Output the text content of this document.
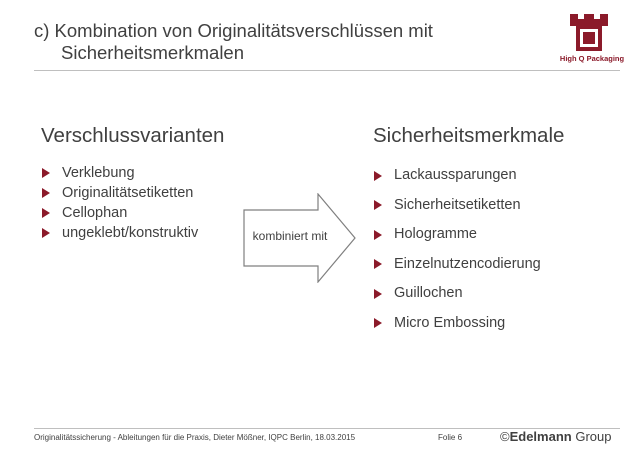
c) Kombination von Originalitätsverschlüssen mit
Sicherheitsmerkmalen	High Q Packaging
Verschlussvarianten
Verklebung
Originalitätsetiketten
Cellophan
ungeklebt/konstruktiv	kombiniert mit
Sicherheitsmerkmale
Lackaussparungen
Sicherheitsetiketten
Hologramme
Einzelnutzencodierung
Guillochen
Micro Embossing
Originalitätssicherung - Ableitungen für die Praxis, Dieter Mößner, IQPC Berlin, 18.03.2015	Folie 6	©Edelmann Group
